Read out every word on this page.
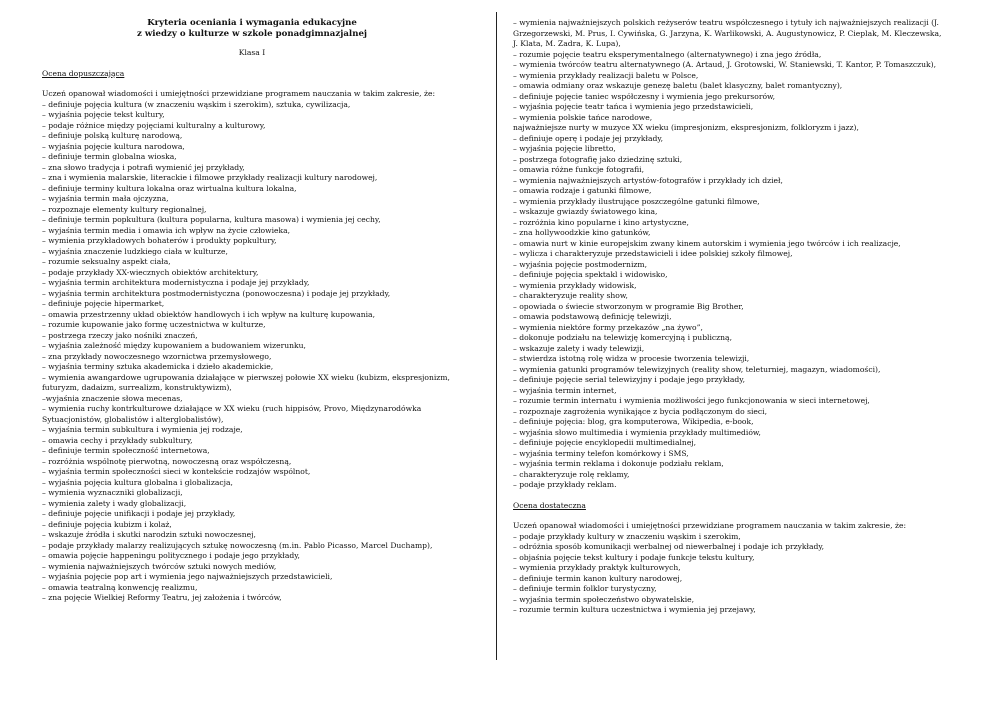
Kryteria oceniania i wymagania edukacyjne
z wiedzy o kulturze w szkole ponadgimnazjalnej
Klasa I
Ocena dopuszczająca
Uczeń opanował wiadomości i umiejętności przewidziane programem nauczania w takim zakresie, że:
– definiuje pojęcia kultura (w znaczeniu wąskim i szerokim), sztuka, cywilizacja,
– wyjaśnia pojęcie tekst kultury,
– podaje różnice między pojęciami kulturalny a kulturowy,
– definiuje polską kulturę narodową,
– wyjaśnia pojęcie kultura narodowa,
– definiuje termin globalna wioska,
– zna słowo tradycja i potrafi wymienić jej przykłady,
– zna i wymienia malarskie, literackie i filmowe przykłady realizacji kultury narodowej,
– definiuje terminy kultura lokalna oraz wirtualna kultura lokalna,
– wyjaśnia termin mała ojczyzna,
– rozpoznaje elementy kultury regionalnej,
– definiuje termin popkultura (kultura popularna, kultura masowa) i wymienia jej cechy,
– wyjaśnia termin media i omawia ich wpływ na życie człowieka,
– wymienia przykładowych bohaterów i produkty popkultury,
– wyjaśnia znaczenie ludzkiego ciała w kulturze,
– rozumie seksualny aspekt ciała,
– podaje przykłady XX-wiecznych obiektów architektury,
– wyjaśnia termin architektura modernistyczna i podaje jej przykłady,
– wyjaśnia termin architektura postmodernistyczna (ponowoczesna) i podaje jej przykłady,
– definiuje pojęcie hipermarket,
– omawia przestrzenny układ obiektów handlowych i ich wpływ na kulturę kupowania,
– rozumie kupowanie jako formę uczestnictwa w kulturze,
– postrzega rzeczy jako nośniki znaczeń,
– wyjaśnia zależność między kupowaniem a budowaniem wizerunku,
– zna przykłady nowoczesnego wzornictwa przemysłowego,
– wyjaśnia terminy sztuka akademicka i dzieło akademickie,
– wymienia awangardowe ugrupowania działające w pierwszej połowie XX wieku (kubizm, ekspresjonizm, futuryzm, dadaizm, surrealizm, konstruktywizm),
–wyjaśnia znaczenie słowa mecenas,
– wymienia ruchy kontrkulturowe działające w XX wieku (ruch hippisów, Provo, Międzynarodówka Sytuacjonistów, globalistów i alterglobalistów),
– wyjaśnia termin subkultura i wymienia jej rodzaje,
– omawia cechy i przykłady subkultury,
– definiuje termin społeczność internetowa,
– rozróżnia wspólnotę pierwotną, nowoczesną oraz współczesną,
– wyjaśnia termin społeczności sieci w kontekście rodzajów wspólnot,
– wyjaśnia pojęcia kultura globalna i globalizacja,
– wymienia wyznaczniki globalizacji,
– wymienia zalety i wady globalizacji,
– definiuje pojęcie unifikacji i podaje jej przykłady,
– definiuje pojęcia kubizm i kolaż,
– wskazuje źródła i skutki narodzin sztuki nowoczesnej,
– podaje przykłady malarzy realizujących sztukę nowoczesną (m.in. Pablo Picasso, Marcel Duchamp),
– omawia pojęcie happeningu politycznego i podaje jego przykłady,
– wymienia najważniejszych twórców sztuki nowych mediów,
– wyjaśnia pojęcie pop art i wymienia jego najważniejszych przedstawicieli,
– omawia teatralną konwencję realizmu,
– zna pojęcie Wielkiej Reformy Teatru, jej założenia i twórców,
– wymienia najważniejszych polskich reżyserów teatru współczesnego i tytuły ich najważniejszych realizacji (J. Grzegorzewski, M. Prus, I. Cywińska, G. Jarzyna, K. Warlikowski, A. Augustynowicz, P. Cieplak, M. Kleczewska, J. Klata, M. Zadra, K. Lupa),
– rozumie pojęcie teatru eksperymentalnego (alternatywnego) i zna jego źródła,
– wymienia twórców teatru alternatywnego (A. Artaud, J. Grotowski, W. Staniewski, T. Kantor, P. Tomaszczuk),
– wymienia przykłady realizacji baletu w Polsce,
– omawia odmiany oraz wskazuje genezę baletu (balet klasyczny, balet romantyczny),
– definiuje pojęcie taniec współczesny i wymienia jego prekursorów,
– wyjaśnia pojęcie teatr tańca i wymienia jego przedstawicieli,
– wymienia polskie tańce narodowe,
najważniejsze nurty w muzyce XX wieku (impresjonizm, ekspresjonizm, folkloryzm i jazz),
– definiuje operę i podaje jej przykłady,
– wyjaśnia pojęcie libretto,
– postrzega fotografię jako dziedzinę sztuki,
– omawia różne funkcje fotografii,
– wymienia najważniejszych artystów-fotografów i przykłady ich dzieł,
– omawia rodzaje i gatunki filmowe,
– wymienia przykłady ilustrujące poszczególne gatunki filmowe,
– wskazuje gwiazdy światowego kina,
– rozróżnia kino popularne i kino artystyczne,
– zna hollywoodzkie kino gatunków,
– omawia nurt w kinie europejskim zwany kinem autorskim i wymienia jego twórców i ich realizacje,
– wylicza i charakteryzuje przedstawicieli i idee polskiej szkoły filmowej,
– wyjaśnia pojęcie postmodernizm,
– definiuje pojęcia spektakl i widowisko,
– wymienia przykłady widowisk,
– charakteryzuje reality show,
– opowiada o świecie stworzonym w programie Big Brother,
– omawia podstawową definicję telewizji,
– wymienia niektóre formy przekazów „na żywo”,
– dokonuje podziału na telewizję komercyjną i publiczną,
– wskazuje zalety i wady telewizji,
– stwierdza istotną rolę widza w procesie tworzenia telewizji,
– wymienia gatunki programów telewizyjnych (reality show, teleturniej, magazyn, wiadomości),
– definiuje pojęcie serial telewizyjny i podaje jego przykłady,
– wyjaśnia termin internet,
– rozumie termin internatu i wymienia możliwości jego funkcjonowania w sieci internetowej,
– rozpoznaje zagrożenia wynikające z bycia podłączonym do sieci,
– definiuje pojęcia: blog, gra komputerowa, Wikipedia, e-book,
– wyjaśnia słowo multimedia i wymienia przykłady multimediów,
– definiuje pojęcie encyklopedii multimedialnej,
– wyjaśnia terminy telefon komórkowy i SMS,
– wyjaśnia termin reklama i dokonuje podziału reklam,
– charakteryzuje rolę reklamy,
– podaje przykłady reklam.
Ocena dostateczna
Uczeń opanował wiadomości i umiejętności przewidziane programem nauczania w takim zakresie, że:
– podaje przykłady kultury w znaczeniu wąskim i szerokim,
– odróżnia sposób komunikacji werbalnej od niewerbalnej i podaje ich przykłady,
– objaśnia pojęcie tekst kultury i podaje funkcje tekstu kultury,
– wymienia przykłady praktyk kulturowych,
– definiuje termin kanon kultury narodowej,
– definiuje termin folklor turystyczny,
– wyjaśnia termin społeczeństwo obywatelskie,
– rozumie termin kultura uczestnictwa i wymienia jej przejawy,
